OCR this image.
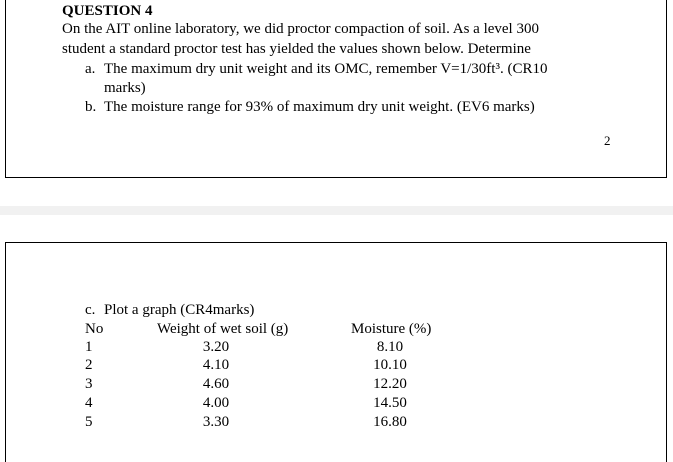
QUESTION 4
On the AIT online laboratory, we did proctor compaction of soil. As a level 300
student a standard proctor test has yielded the values shown below. Determine
a. The maximum dry unit weight and its OMC, remember V=1/30ft³. (CR10
marks)
b. The moisture range for 93% of maximum dry unit weight. (EV6 marks)
2
c. Plot a graph (CR4marks)
No	Weight of wet soil (g)	Moisture (%)
1	3.20	8.10
2	4.10	10.10
3	4.60	12.20
4	4.00	14.50
5	3.30	16.80
